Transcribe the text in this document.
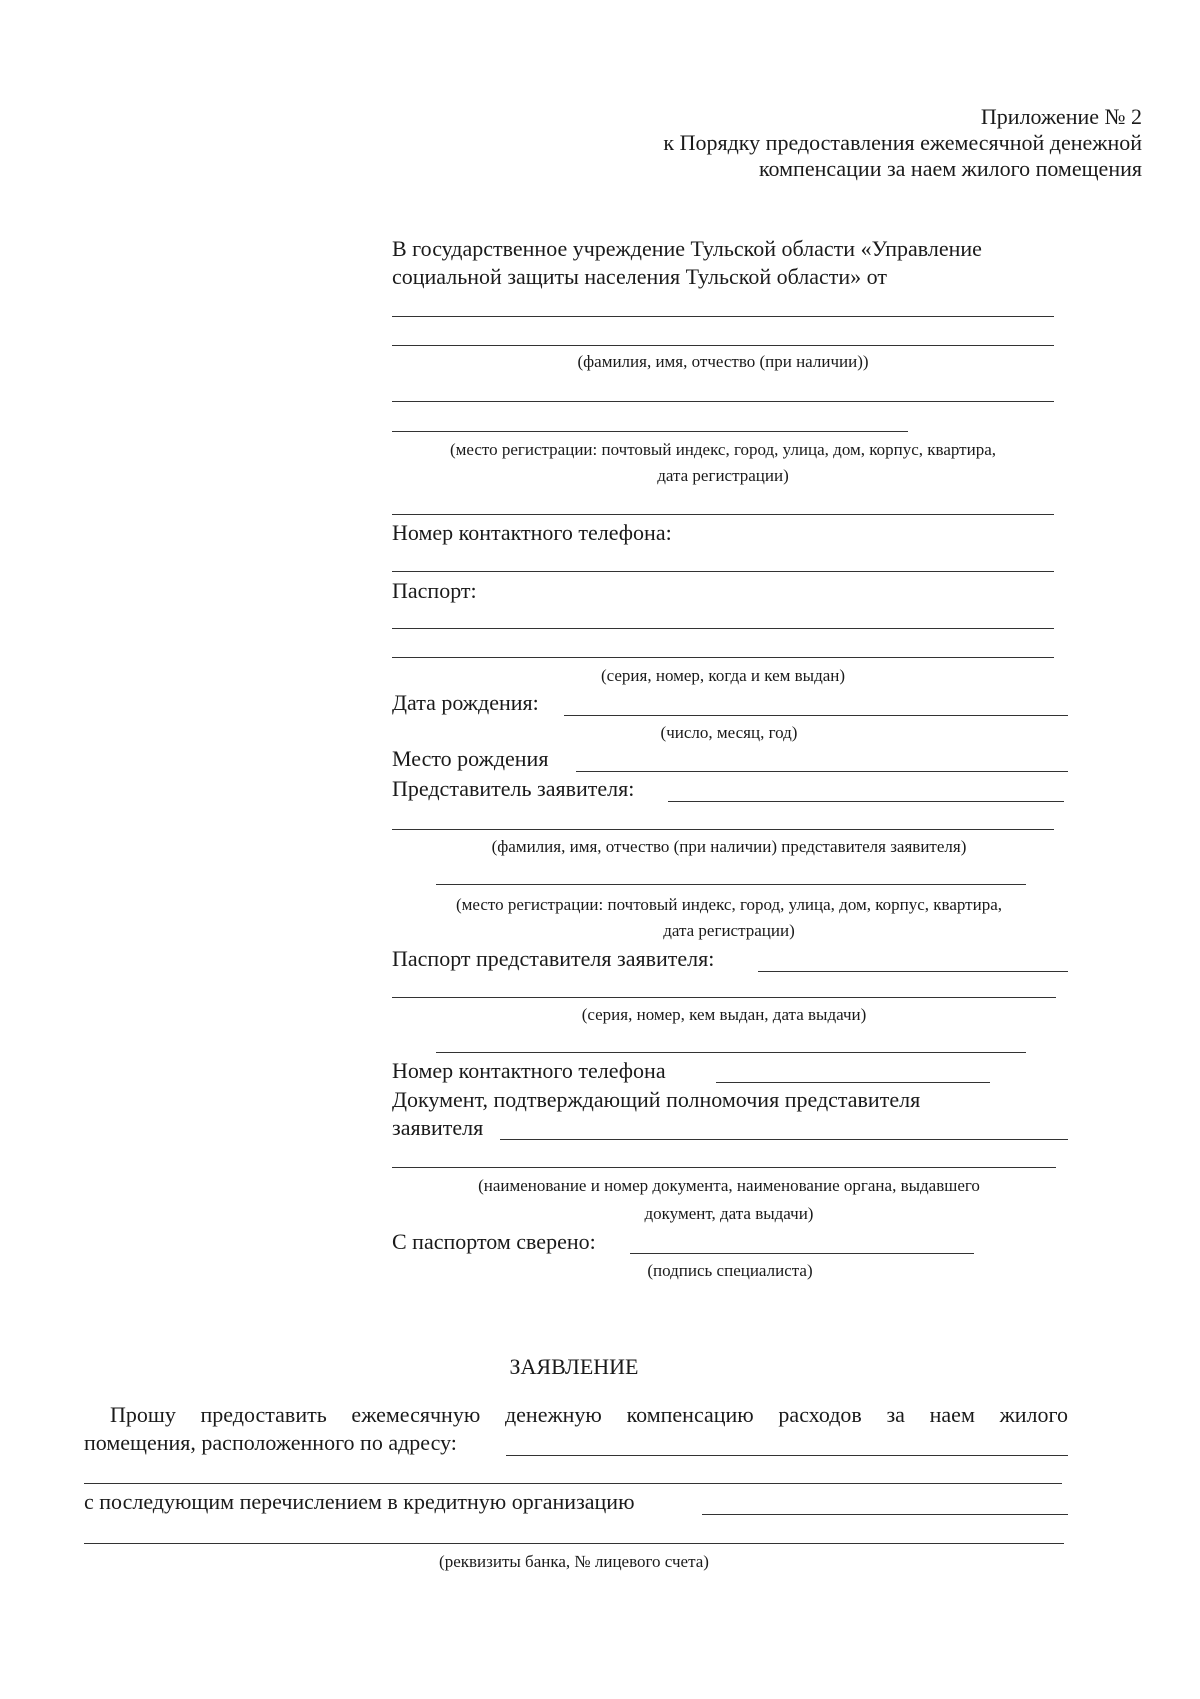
Приложение № 2
к Порядку предоставления ежемесячной денежной
компенсации за наем жилого помещения
В государственное учреждение Тульской области «Управление
социальной защиты населения Тульской области» от
(фамилия, имя, отчество (при наличии))
(место регистрации: почтовый индекс, город, улица, дом, корпус, квартира,
дата регистрации)
Номер контактного телефона:
Паспорт:
(серия, номер, когда и кем выдан)
Дата рождения:
(число, месяц, год)
Место рождения
Представитель заявителя:
(фамилия, имя, отчество (при наличии) представителя заявителя)
(место регистрации: почтовый индекс, город, улица, дом, корпус, квартира,
дата регистрации)
Паспорт представителя заявителя:
(серия, номер, кем выдан, дата выдачи)
Номер контактного телефона
Документ, подтверждающий полномочия представителя
заявителя
(наименование и номер документа, наименование органа, выдавшего
документ, дата выдачи)
С паспортом сверено:
(подпись специалиста)
ЗАЯВЛЕНИЕ
Прошу предоставить ежемесячную денежную компенсацию расходов за наем жилого
помещения, расположенного по адресу:
с последующим перечислением в кредитную организацию
(реквизиты банка, № лицевого счета)
